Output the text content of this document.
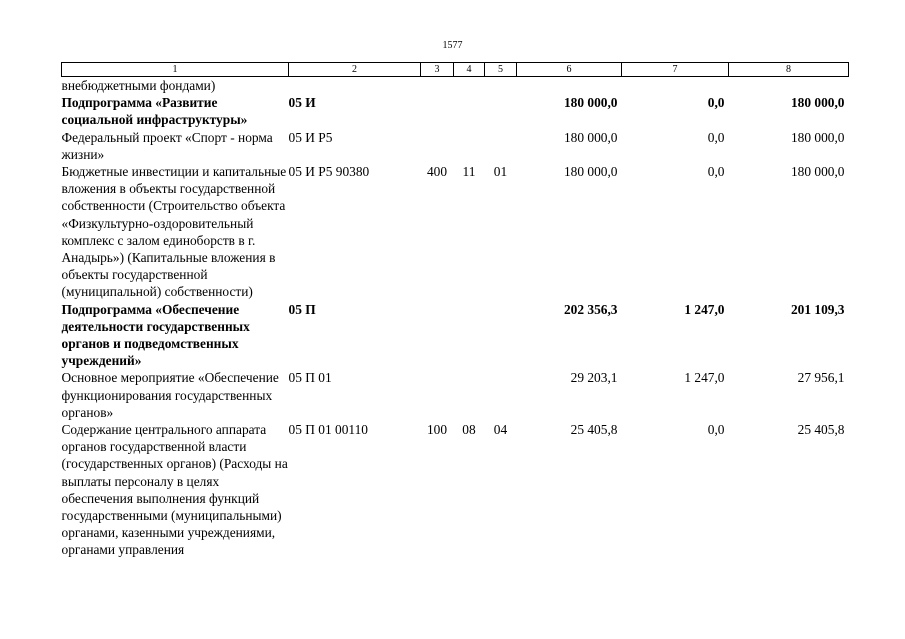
1577
1	2	3	4	5	6	7	8
внебюджетными фондами)							
Подпрограмма «Развитие социальной инфраструктуры»	05 И				180 000,0	0,0	180 000,0
Федеральный проект «Спорт - норма жизни»	05 И Р5				180 000,0	0,0	180 000,0
Бюджетные инвестиции и капитальные вложения в объекты государственной собственности (Строительство объекта «Физкультурно-оздоровительный комплекс с залом единоборств в г. Анадырь») (Капитальные вложения в объекты государственной (муниципальной) собственности)	05 И Р5 90380	400	11	01	180 000,0	0,0	180 000,0
Подпрограмма «Обеспечение деятельности государственных органов и подведомственных учреждений»	05 П				202 356,3	1 247,0	201 109,3
Основное мероприятие «Обеспечение функционирования государственных органов»	05 П 01				29 203,1	1 247,0	27 956,1
Содержание центрального аппарата органов государственной власти (государственных органов) (Расходы на выплаты персоналу в целях обеспечения выполнения функций государственными (муниципальными) органами, казенными учреждениями, органами управления	05 П 01 00110	100	08	04	25 405,8	0,0	25 405,8
